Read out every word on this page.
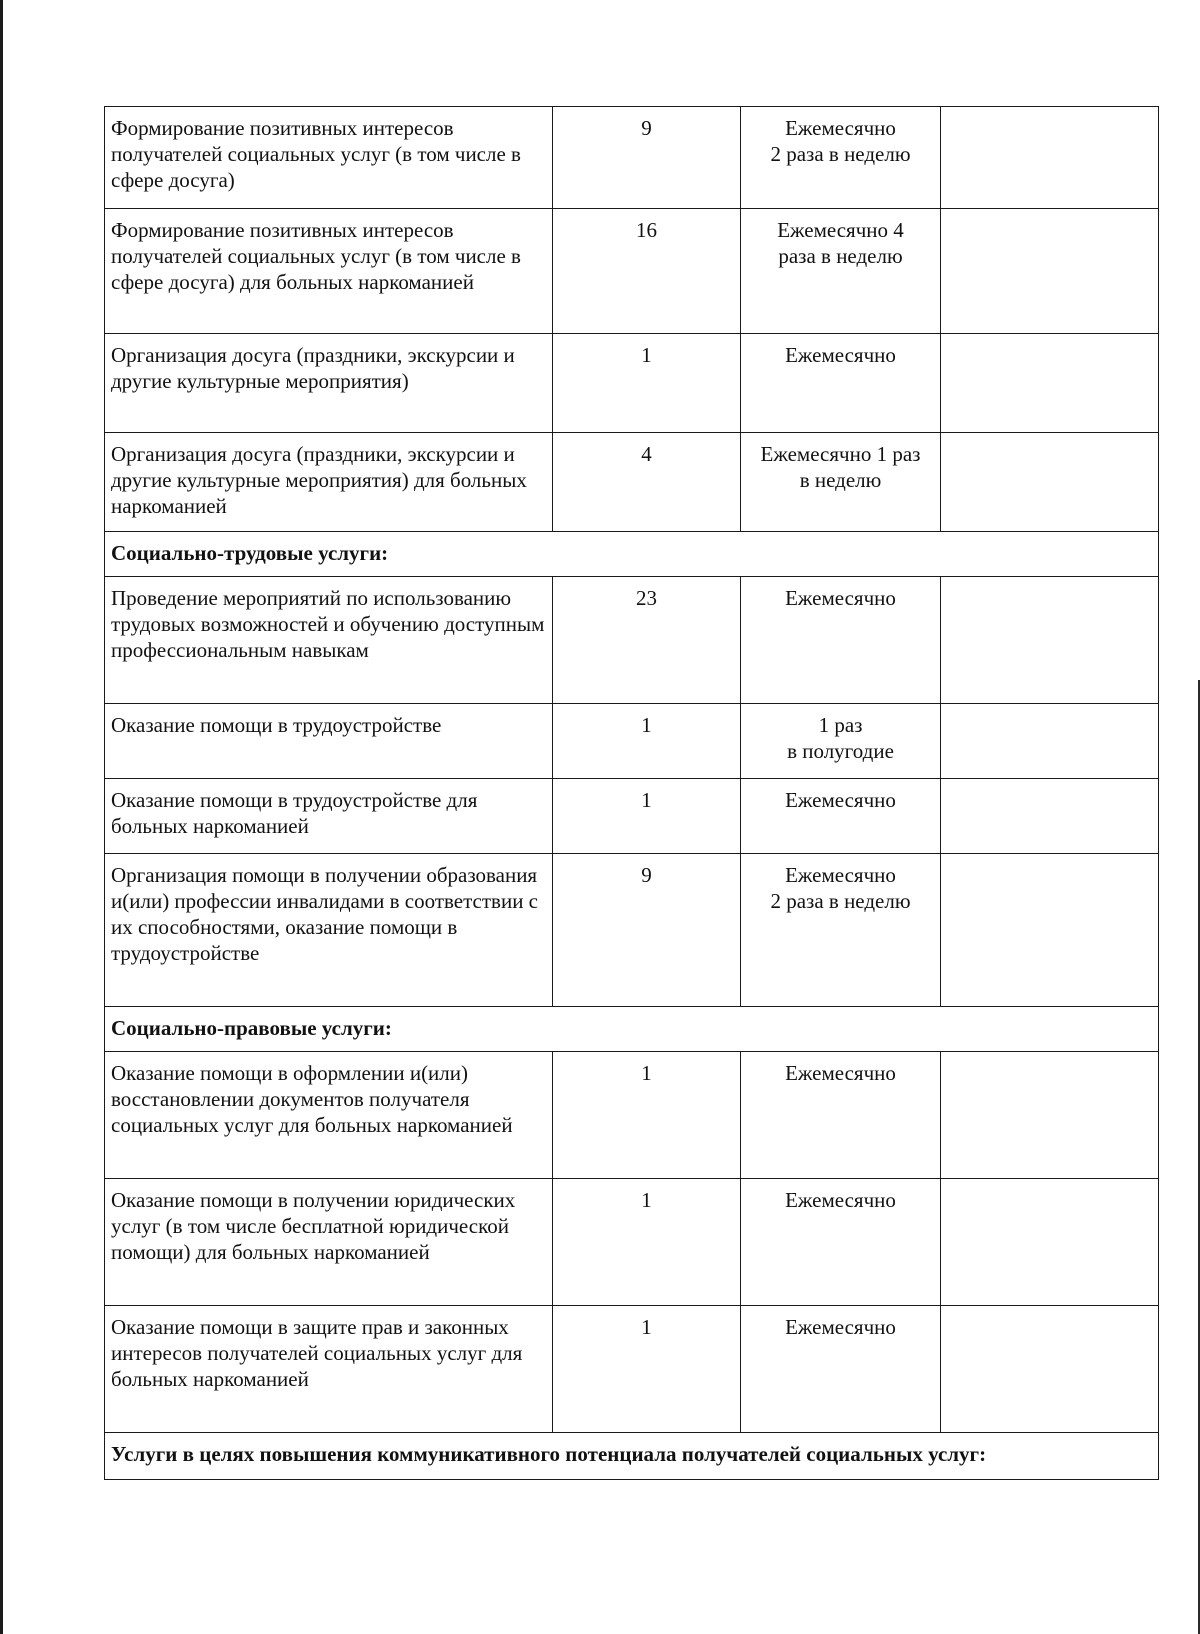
Формирование позитивных интересов получателей социальных услуг (в том числе в сфере досуга)	9	Ежемесячно
2 раза в неделю	
Формирование позитивных интересов получателей социальных услуг (в том числе в сфере досуга) для больных наркоманией	16	Ежемесячно 4
раза в неделю	
Организация досуга (праздники, экскурсии и другие культурные мероприятия)	1	Ежемесячно	
Организация досуга (праздники, экскурсии и другие культурные мероприятия) для больных наркоманией	4	Ежемесячно 1 раз
в неделю	
Социально-трудовые услуги:			
Проведение мероприятий по использованию трудовых возможностей и обучению доступным профессиональным навыкам	23	Ежемесячно	
Оказание помощи в трудоустройстве	1	1 раз
в полугодие	
Оказание помощи в трудоустройстве для больных наркоманией	1	Ежемесячно	
Организация помощи в получении образования и(или) профессии инвалидами в соответствии с их способностями, оказание помощи в трудоустройстве	9	Ежемесячно
2 раза в неделю	
Социально-правовые услуги:			
Оказание помощи в оформлении и(или) восстановлении документов получателя социальных услуг для больных наркоманией	1	Ежемесячно	
Оказание помощи в получении юридических услуг (в том числе бесплатной юридической помощи) для больных наркоманией	1	Ежемесячно	
Оказание помощи в защите прав и законных интересов получателей социальных услуг для больных наркоманией	1	Ежемесячно	
Услуги в целях повышения коммуникативного потенциала получателей социальных услуг:			
